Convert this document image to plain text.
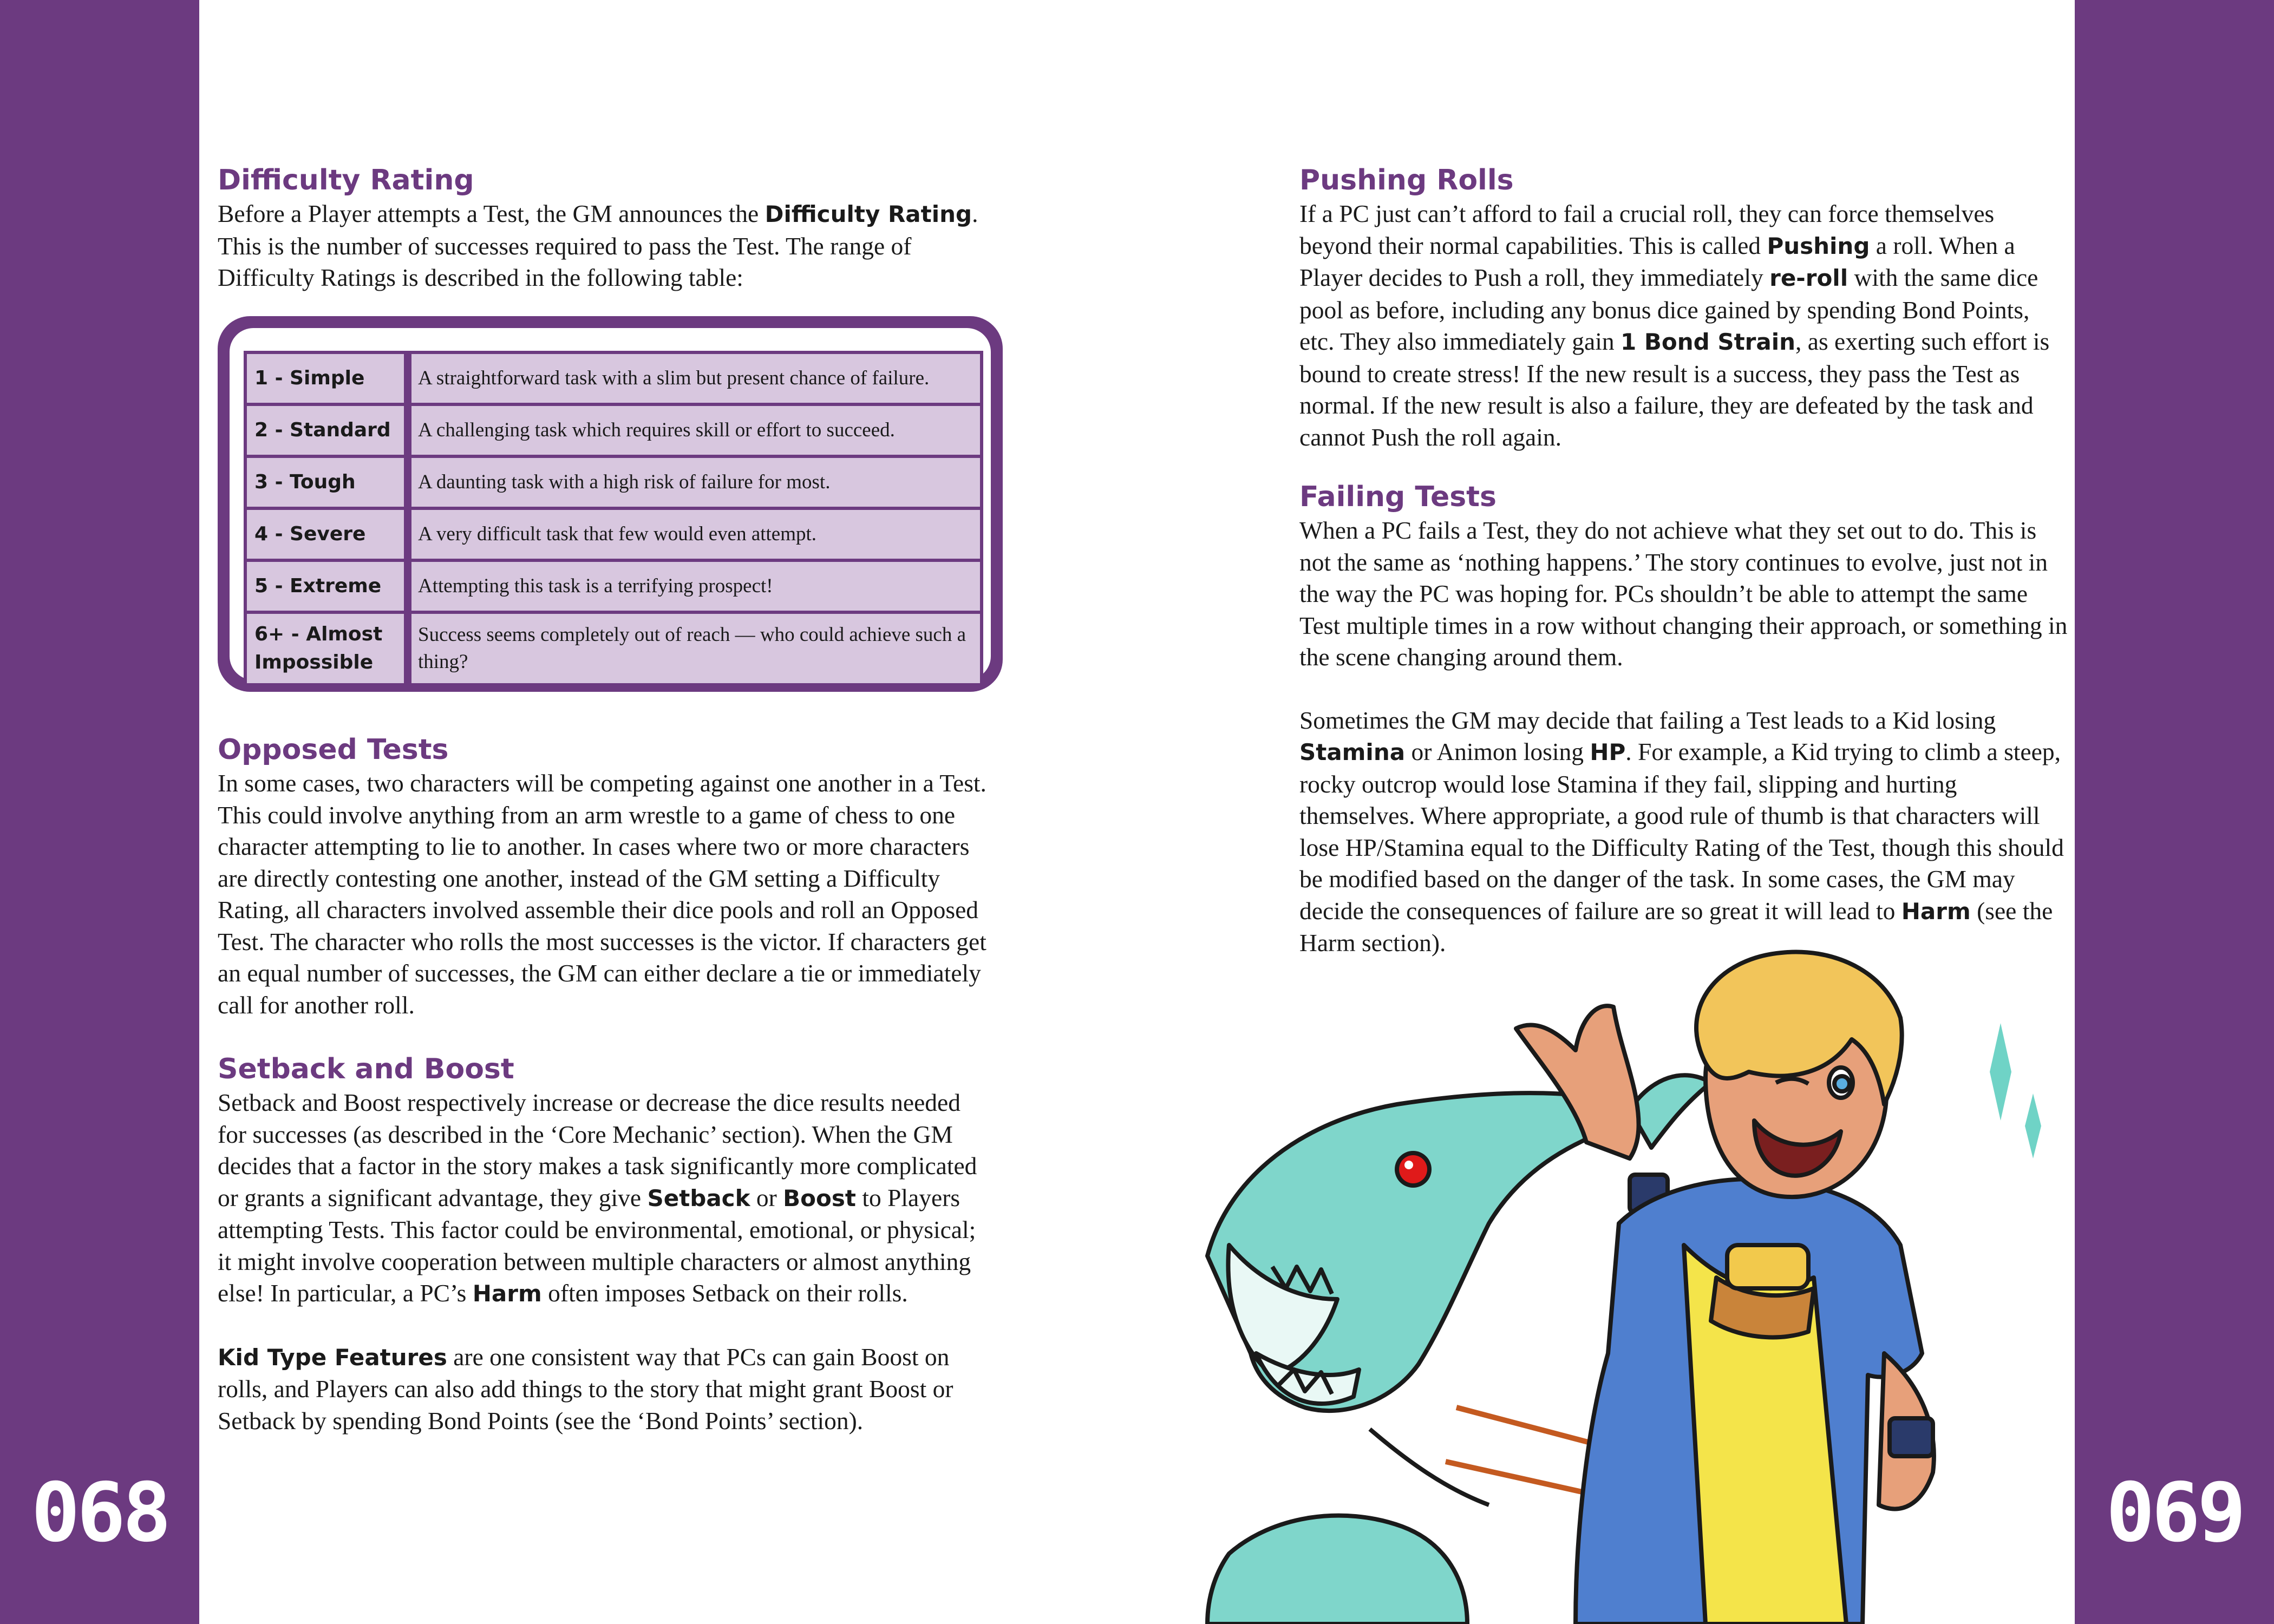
068	069
Difficulty Rating

Before a Player attempts a Test, the GM announces the Difficulty Rating. This is the number of successes required to pass the Test. The range of Difficulty Ratings is described in the following table:

1 - Simple	A straightforward task with a slim but present chance of failure.
2 - Standard	A challenging task which requires skill or effort to succeed.
3 - Tough	A daunting task with a high risk of failure for most.
4 - Severe	A very difficult task that few would even attempt.
5 - Extreme	Attempting this task is a terrifying prospect!
6+ - Almost Impossible	Success seems completely out of reach — who could achieve such a thing?
Opposed Tests

In some cases, two characters will be competing against one another in a Test. This could involve anything from an arm wrestle to a game of chess to one character attempting to lie to another. In cases where two or more characters are directly contesting one another, instead of the GM setting a Difficulty Rating, all characters involved assemble their dice pools and roll an Opposed Test. The character who rolls the most successes is the victor. If characters get an equal number of successes, the GM can either declare a tie or immediately call for another roll.

Setback and Boost

Setback and Boost respectively increase or decrease the dice results needed for successes (as described in the ‘Core Mechanic’ section). When the GM decides that a factor in the story makes a task significantly more complicated or grants a significant advantage, they give Setback or Boost to Players attempting Tests. This factor could be environmental, emotional, or physical; it might involve cooperation between multiple characters or almost anything else! In particular, a PC’s Harm often imposes Setback on their rolls.

Kid Type Features are one consistent way that PCs can gain Boost on rolls, and Players can also add things to the story that might grant Boost or Setback by spending Bond Points (see the ‘Bond Points’ section).

Pushing Rolls

If a PC just can’t afford to fail a crucial roll, they can force themselves beyond their normal capabilities. This is called Pushing a roll. When a Player decides to Push a roll, they immediately re-roll with the same dice pool as before, including any bonus dice gained by spending Bond Points, etc. They also immediately gain 1 Bond Strain, as exerting such effort is bound to create stress! If the new result is a success, they pass the Test as normal. If the new result is also a failure, they are defeated by the task and cannot Push the roll again.

Failing Tests

When a PC fails a Test, they do not achieve what they set out to do. This is not the same as ‘nothing happens.’ The story continues to evolve, just not in the way the PC was hoping for. PCs shouldn’t be able to attempt the same Test multiple times in a row without changing their approach, or something in the scene changing around them.

Sometimes the GM may decide that failing a Test leads to a Kid losing Stamina or Animon losing HP. For example, a Kid trying to climb a steep, rocky outcrop would lose Stamina if they fail, slipping and hurting themselves. Where appropriate, a good rule of thumb is that characters will lose HP/Stamina equal to the Difficulty Rating of the Test, though this should be modified based on the danger of the task. In some cases, the GM may decide the consequences of failure are so great it will lead to Harm (see the Harm section).
